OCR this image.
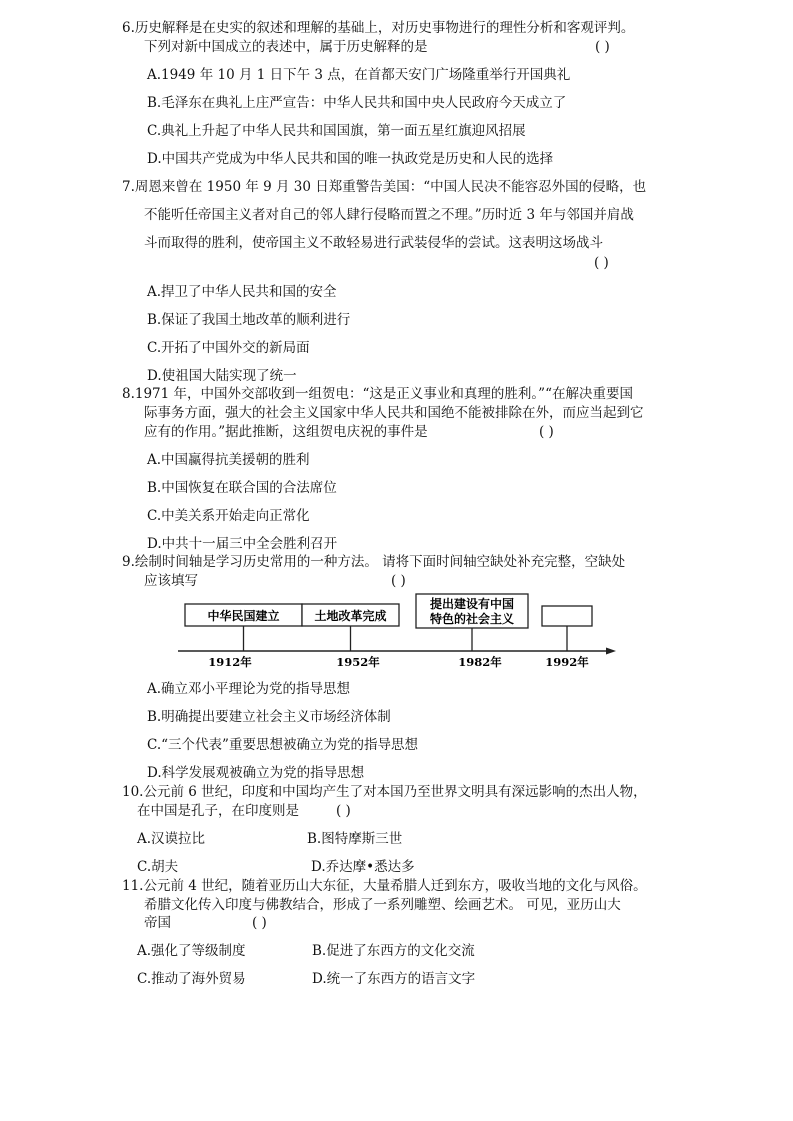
6.历史解释是在史实的叙述和理解的基础上，对历史事物进行的理性分析和客观评判。
下列对新中国成立的表述中，属于历史解释的是	( )
A.1949 年 10 月 1 日下午 3 点，在首都天安门广场隆重举行开国典礼
B.毛泽东在典礼上庄严宣告：中华人民共和国中央人民政府今天成立了
C.典礼上升起了中华人民共和国国旗，第一面五星红旗迎风招展
D.中国共产党成为中华人民共和国的唯一执政党是历史和人民的选择
7.周恩来曾在 1950 年 9 月 30 日郑重警告美国：“中国人民决不能容忍外国的侵略，也
不能听任帝国主义者对自己的邻人肆行侵略而置之不理。”历时近 3 年与邻国并肩战
斗而取得的胜利，使帝国主义不敢轻易进行武装侵华的尝试。这表明这场战斗
( )
A.捍卫了中华人民共和国的安全
B.保证了我国土地改革的顺利进行
C.开拓了中国外交的新局面
D.使祖国大陆实现了统一
8.1971 年，中国外交部收到一组贺电：“这是正义事业和真理的胜利。”“在解决重要国
际事务方面，强大的社会主义国家中华人民共和国绝不能被排除在外，而应当起到它
应有的作用。”据此推断，这组贺电庆祝的事件是	( )
A.中国赢得抗美援朝的胜利
B.中国恢复在联合国的合法席位
C.中美关系开始走向正常化
D.中共十一届三中全会胜利召开
9.绘制时间轴是学习历史常用的一种方法。 请将下面时间轴空缺处补充完整，空缺处
应该填写	( )
中华民国建立	土地改革完成
提出建设有中国
特色的社会主义
1912年	1952年	1982年	1992年
A.确立邓小平理论为党的指导思想
B.明确提出要建立社会主义市场经济体制
C.“三个代表”重要思想被确立为党的指导思想
D.科学发展观被确立为党的指导思想
10.公元前 6 世纪，印度和中国均产生了对本国乃至世界文明具有深远影响的杰出人物，
在中国是孔子，在印度则是	( )
A.汉谟拉比	B.图特摩斯三世
C.胡夫	D.乔达摩•悉达多
11.公元前 4 世纪，随着亚历山大东征，大量希腊人迁到东方，吸收当地的文化与风俗。
希腊文化传入印度与佛教结合，形成了一系列雕塑、绘画艺术。 可见，亚历山大
帝国	( )
A.强化了等级制度	B.促进了东西方的文化交流
C.推动了海外贸易	D.统一了东西方的语言文字
